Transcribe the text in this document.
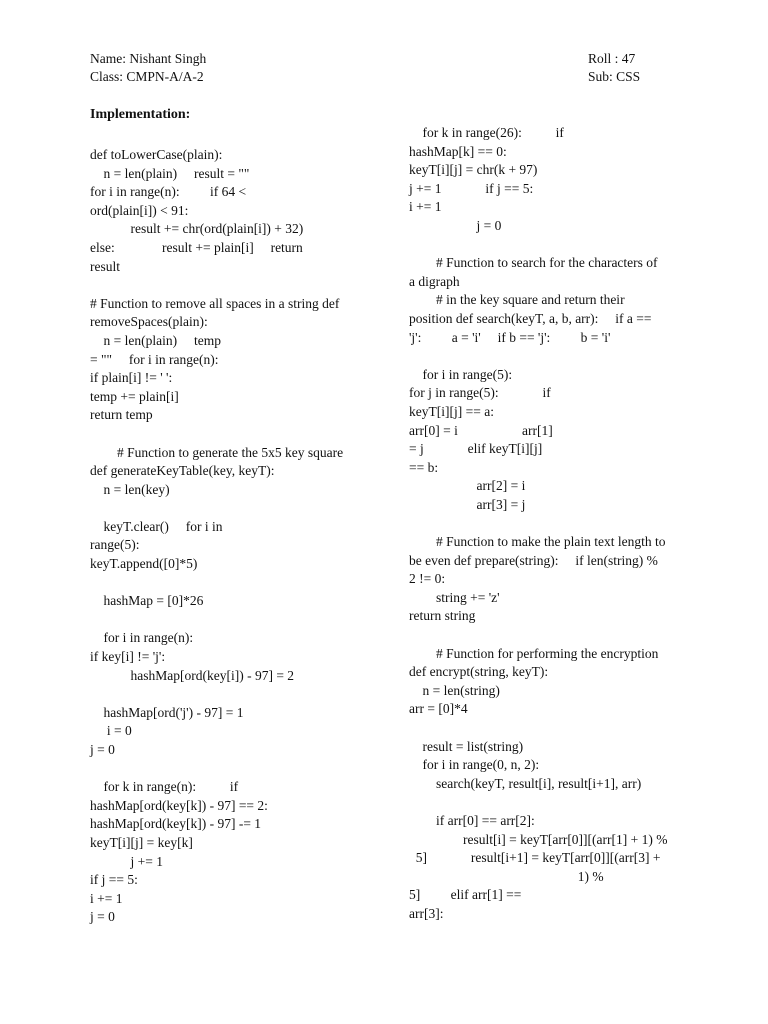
Name: Nishant Singh
Class: CMPN-A/A-2
Roll : 47
Sub: CSS
Implementation:
def toLowerCase(plain):
n = len(plain)     result = ""
for i in range(n):         if 64 <
ord(plain[i]) < 91:
result += chr(ord(plain[i]) + 32)
else:              result += plain[i]     return
result
# Function to remove all spaces in a string def
removeSpaces(plain):
n = len(plain)     temp
= ""     for i in range(n):
if plain[i] != ' ':
temp += plain[i]
return temp
# Function to generate the 5x5 key square
def generateKeyTable(key, keyT):
n = len(key)
keyT.clear()     for i in
range(5):
keyT.append([0]*5)
hashMap = [0]*26
for i in range(n):
if key[i] != 'j':
hashMap[ord(key[i]) - 97] = 2
hashMap[ord('j') - 97] = 1
i = 0
j = 0
for k in range(n):          if
hashMap[ord(key[k]) - 97] == 2:
hashMap[ord(key[k]) - 97] -= 1
keyT[i][j] = key[k]
j += 1
if j == 5:
i += 1
j = 0
for k in range(26):          if
hashMap[k] == 0:
keyT[i][j] = chr(k + 97)
j += 1             if j == 5:
i += 1
j = 0
# Function to search for the characters of
a digraph
# in the key square and return their
position def search(keyT, a, b, arr):     if a ==
'j':         a = 'i'     if b == 'j':         b = 'i'
for i in range(5):
for j in range(5):             if
keyT[i][j] == a:
arr[0] = i                   arr[1]
= j             elif keyT[i][j]
== b:
arr[2] = i
arr[3] = j
# Function to make the plain text length to
be even def prepare(string):     if len(string) %
2 != 0:
string += 'z'
return string
# Function for performing the encryption
def encrypt(string, keyT):
n = len(string)
arr = [0]*4
result = list(string)
for i in range(0, n, 2):
search(keyT, result[i], result[i+1], arr)
if arr[0] == arr[2]:
result[i] = keyT[arr[0]][(arr[1] + 1) %
5]             result[i+1] = keyT[arr[0]][(arr[3] +
1) %
5]         elif arr[1] ==
arr[3]:
